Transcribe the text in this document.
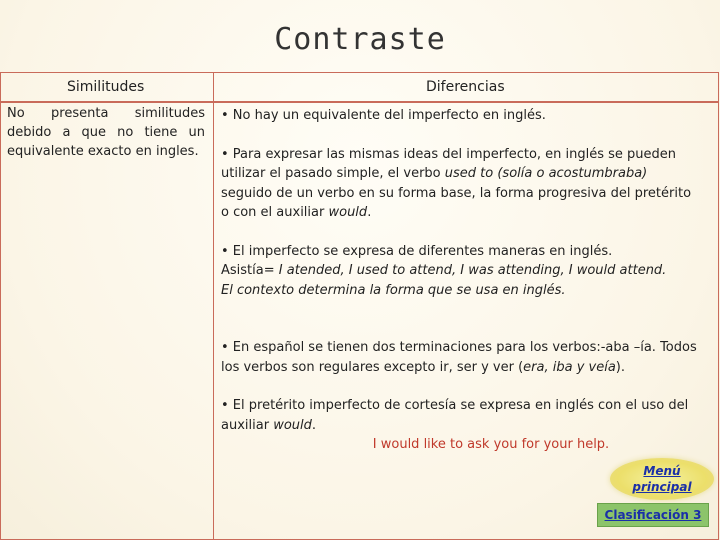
Contraste
Similitudes	Diferencias
No presenta similitudes debido a que no tiene un equivalente exacto en ingles.

• No hay un equivalente del imperfecto en inglés.

• Para expresar las mismas ideas del imperfecto, en inglés se pueden utilizar el pasado simple, el verbo used to (solía o acostumbraba) seguido de un verbo en su forma base, la forma progresiva del pretérito o con el auxiliar would.

• El imperfecto se expresa de diferentes maneras en inglés.
Asistía= I atended, I used to attend, I was attending, I would attend.
El contexto determina la forma que se usa en inglés.

• En español se tienen dos terminaciones para los verbos:-aba –ía. Todos los verbos son regulares excepto ir, ser y ver (era, iba y veía).

• El pretérito imperfecto de cortesía se expresa en inglés con el uso del auxiliar would.
I would like to ask you for your help.

Menú principal
Clasificación 3
